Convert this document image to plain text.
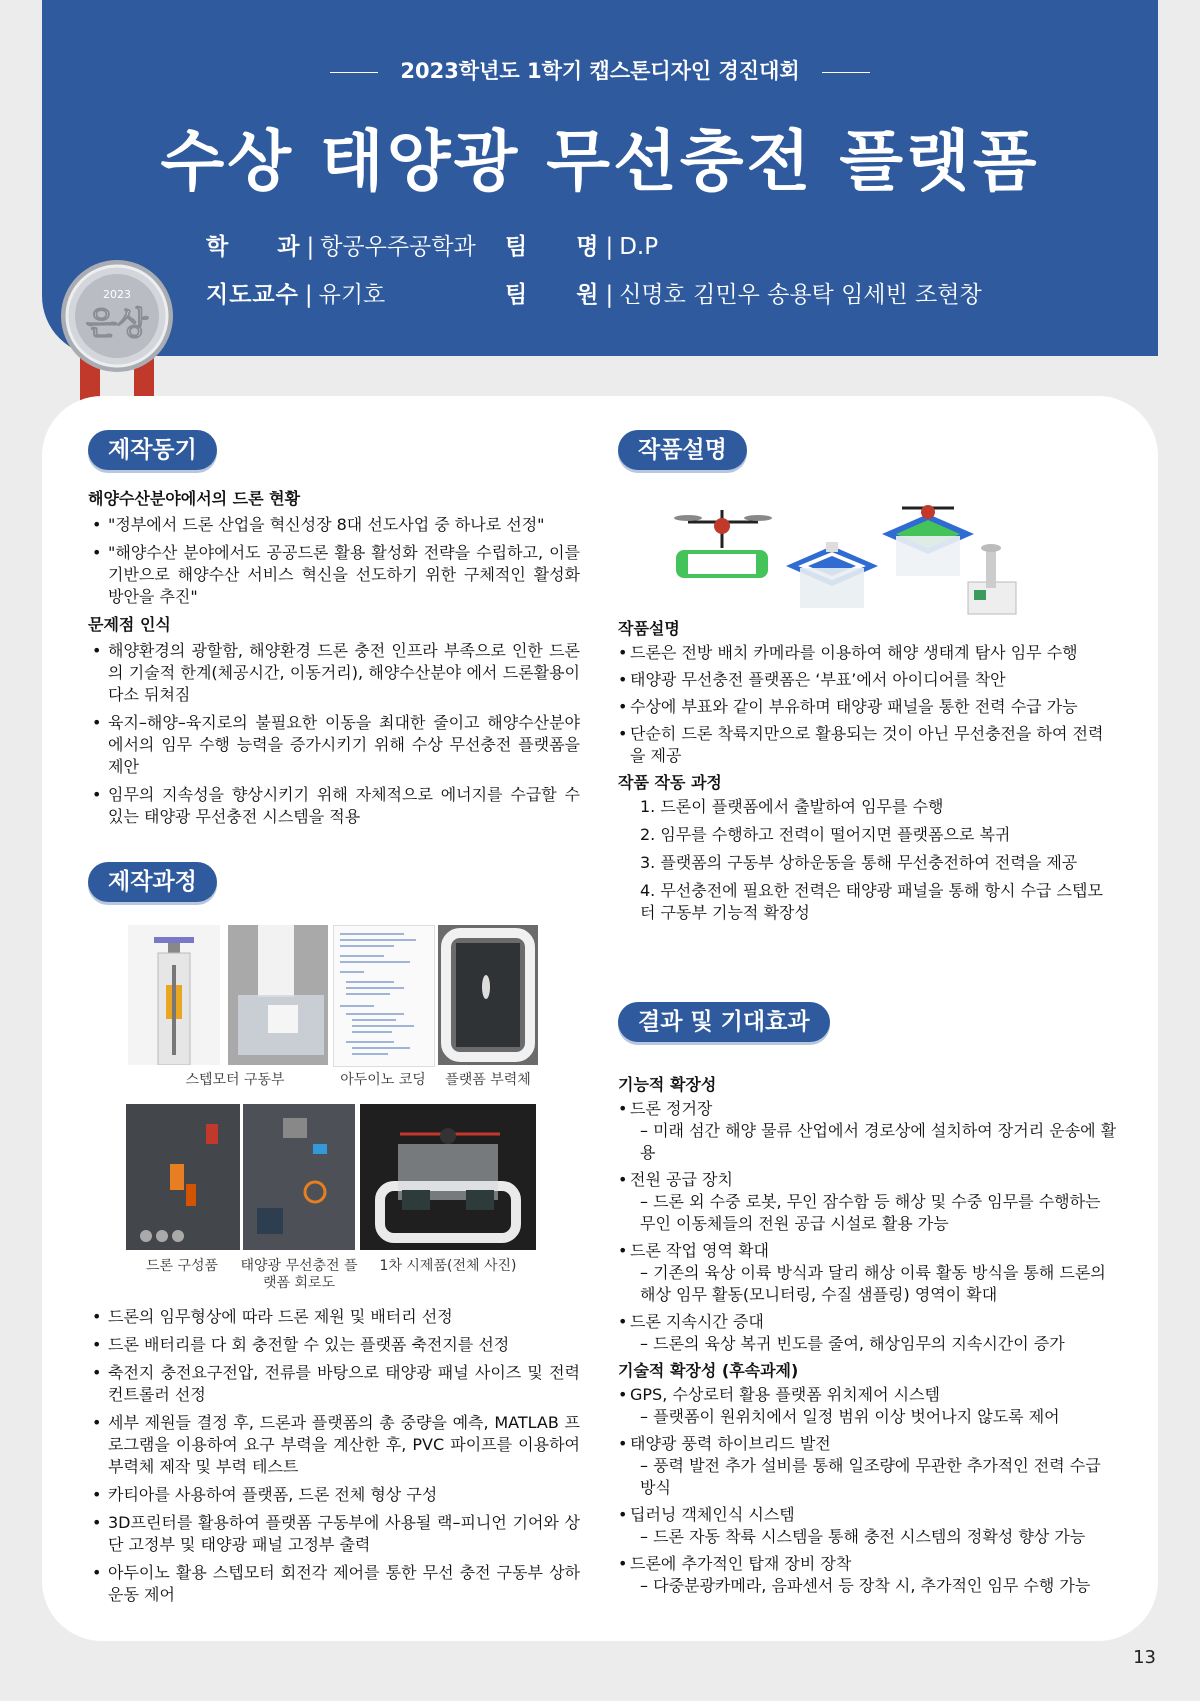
2023학년도 1학기 캡스톤디자인 경진대회
수상 태양광 무선충전 플랫폼
학　　과 | 항공우주공학과 팀　　명 | D.P
지도교수 | 유기호	팀　　원 | 신명호 김민우 송용탁 임세빈 조현창
2023
은상
제작동기

해양수산분야에서의 드론 현황

• "정부에서 드론 산업을 혁신성장 8대 선도사업 중 하나로 선정"
• "해양수산 분야에서도 공공드론 활용 활성화 전략을 수립하고, 이를 기반으로 해양수산 서비스 혁신을 선도하기 위한 구체적인 활성화 방안을 추진"

문제점 인식

• 해양환경의 광할함, 해양환경 드론 충전 인프라 부족으로 인한 드론의 기술적 한계(체공시간, 이동거리), 해양수산분야 에서 드론활용이 다소 뒤쳐짐
• 육지–해양–육지로의 불필요한 이동을 최대한 줄이고 해양수산분야에서의 임무 수행 능력을 증가시키기 위해 수상 무선충전 플랫폼을 제안
• 임무의 지속성을 향상시키기 위해 자체적으로 에너지를 수급할 수 있는 태양광 무선충전 시스템을 적용
제작과정
스텝모터 구동부	아두이노 코딩	플랫폼 부력체
드론 구성품	태양광 무선충전 플랫폼 회로도
1차 시제품(전체 사진)
• 드론의 임무형상에 따라 드론 제원 및 배터리 선정
• 드론 배터리를 다 회 충전할 수 있는 플랫폼 축전지를 선정
• 축전지 충전요구전압, 전류를 바탕으로 태양광 패널 사이즈 및 전력 컨트롤러 선정
• 세부 제원들 결정 후, 드론과 플랫폼의 총 중량을 예측, MATLAB 프로그램을 이용하여 요구 부력을 계산한 후, PVC 파이프를 이용하여 부력체 제작 및 부력 테스트
• 카티아를 사용하여 플랫폼, 드론 전체 형상 구성
• 3D프린터를 활용하여 플랫폼 구동부에 사용될 랙–피니언 기어와 상단 고정부 및 태양광 패널 고정부 출력
• 아두이노 활용 스텝모터 회전각 제어를 통한 무선 충전 구동부 상하 운동 제어
작품설명

작품설명

• 드론은 전방 배치 카메라를 이용하여 해양 생태계 탐사 임무 수행
• 태양광 무선충전 플랫폼은 ‘부표’에서 아이디어를 착안
• 수상에 부표와 같이 부유하며 태양광 패널을 통한 전력 수급 가능
• 단순히 드론 착륙지만으로 활용되는 것이 아닌 무선충전을 하여 전력을 제공

작품 작동 과정

1. 드론이 플랫폼에서 출발하여 임무를 수행
2. 임무를 수행하고 전력이 떨어지면 플랫폼으로 복귀
3. 플랫폼의 구동부 상하운동을 통해 무선충전하여 전력을 제공
4. 무선충전에 필요한 전력은 태양광 패널을 통해 항시 수급 스텝모터 구동부 기능적 확장성
결과 및 기대효과

기능적 확장성

• 드론 정거장
– 미래 섬간 해양 물류 산업에서 경로상에 설치하여 장거리 운송에 활용
• 전원 공급 장치
– 드론 외 수중 로봇, 무인 잠수함 등 해상 및 수중 임무를 수행하는 무인 이동체들의 전원 공급 시설로 활용 가능
• 드론 작업 영역 확대
– 기존의 육상 이륙 방식과 달리 해상 이륙 활동 방식을 통해 드론의 해상 임무 활동(모니터링, 수질 샘플링) 영역이 확대
• 드론 지속시간 증대
– 드론의 육상 복귀 빈도를 줄여, 해상임무의 지속시간이 증가

기술적 확장성 (후속과제)

• GPS, 수상로터 활용 플랫폼 위치제어 시스템
– 플랫폼이 원위치에서 일정 범위 이상 벗어나지 않도록 제어
• 태양광 풍력 하이브리드 발전
– 풍력 발전 추가 설비를 통해 일조량에 무관한 추가적인 전력 수급 방식
• 딥러닝 객체인식 시스템
– 드론 자동 착륙 시스템을 통해 충전 시스템의 정확성 향상 가능
• 드론에 추가적인 탑재 장비 장착
– 다중분광카메라, 음파센서 등 장착 시, 추가적인 임무 수행 가능
13
